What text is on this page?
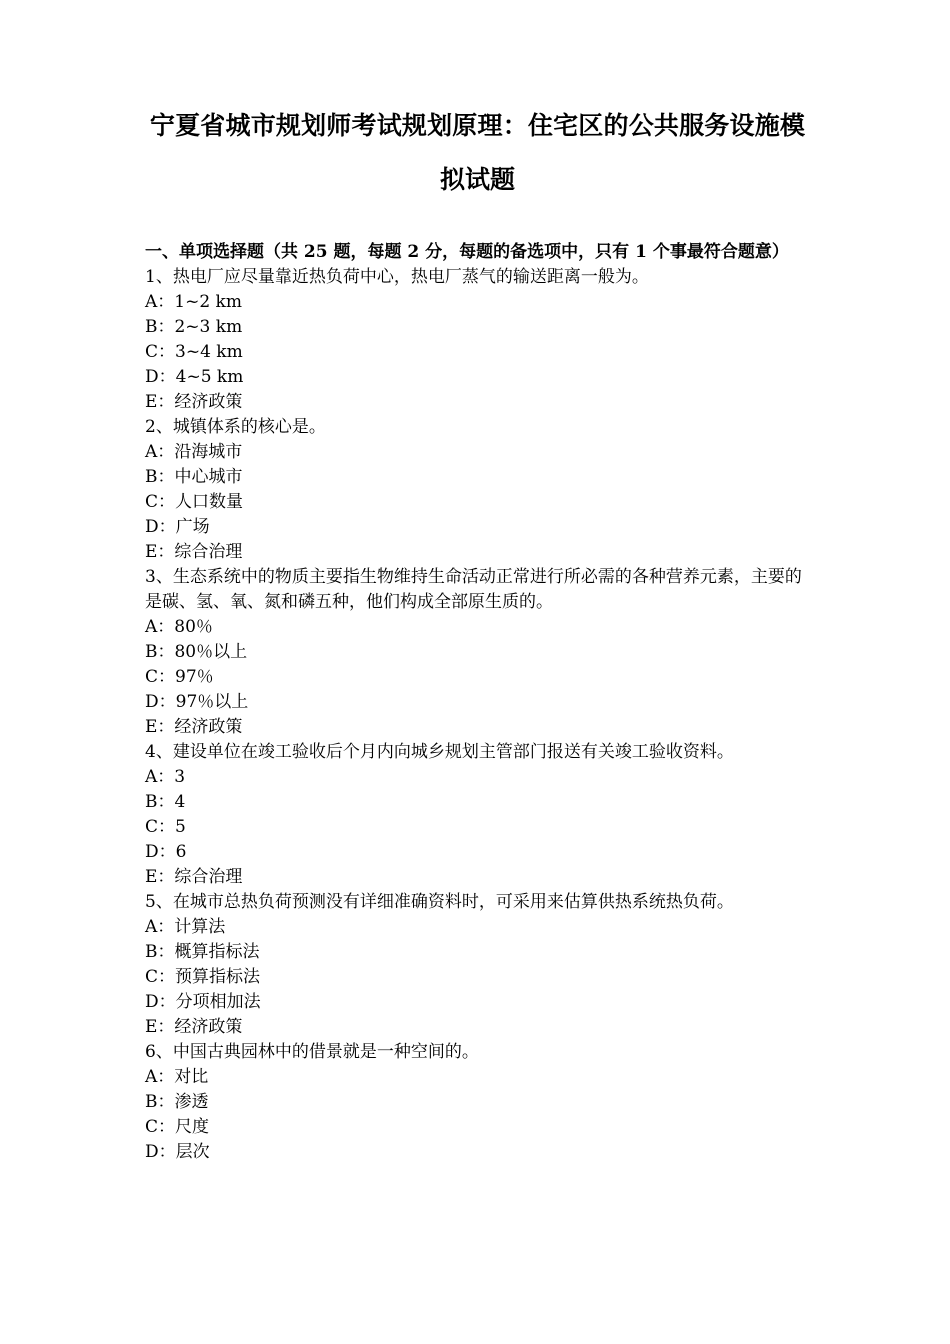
宁夏省城市规划师考试规划原理：住宅区的公共服务设施模
拟试题
一、单项选择题（共 25 题，每题 2 分，每题的备选项中，只有 1 个事最符合题意）

1、热电厂应尽量靠近热负荷中心，热电厂蒸气的输送距离一般为。

A：1~2 km

B：2~3 km

C：3~4 km

D：4~5 km

E：经济政策

2、城镇体系的核心是。

A：沿海城市

B：中心城市

C：人口数量

D：广场

E：综合治理

3、生态系统中的物质主要指生物维持生命活动正常进行所必需的各种营养元素，主要的是碳、氢、氧、氮和磷五种，他们构成全部原生质的。

A：80％

B：80％以上

C：97％

D：97％以上

E：经济政策

4、建设单位在竣工验收后个月内向城乡规划主管部门报送有关竣工验收资料。

A：3

B：4

C：5

D：6

E：综合治理

5、在城市总热负荷预测没有详细准确资料时，可采用来估算供热系统热负荷。

A：计算法

B：概算指标法

C：预算指标法

D：分项相加法

E：经济政策

6、中国古典园林中的借景就是一种空间的。

A：对比

B：渗透

C：尺度

D：层次
